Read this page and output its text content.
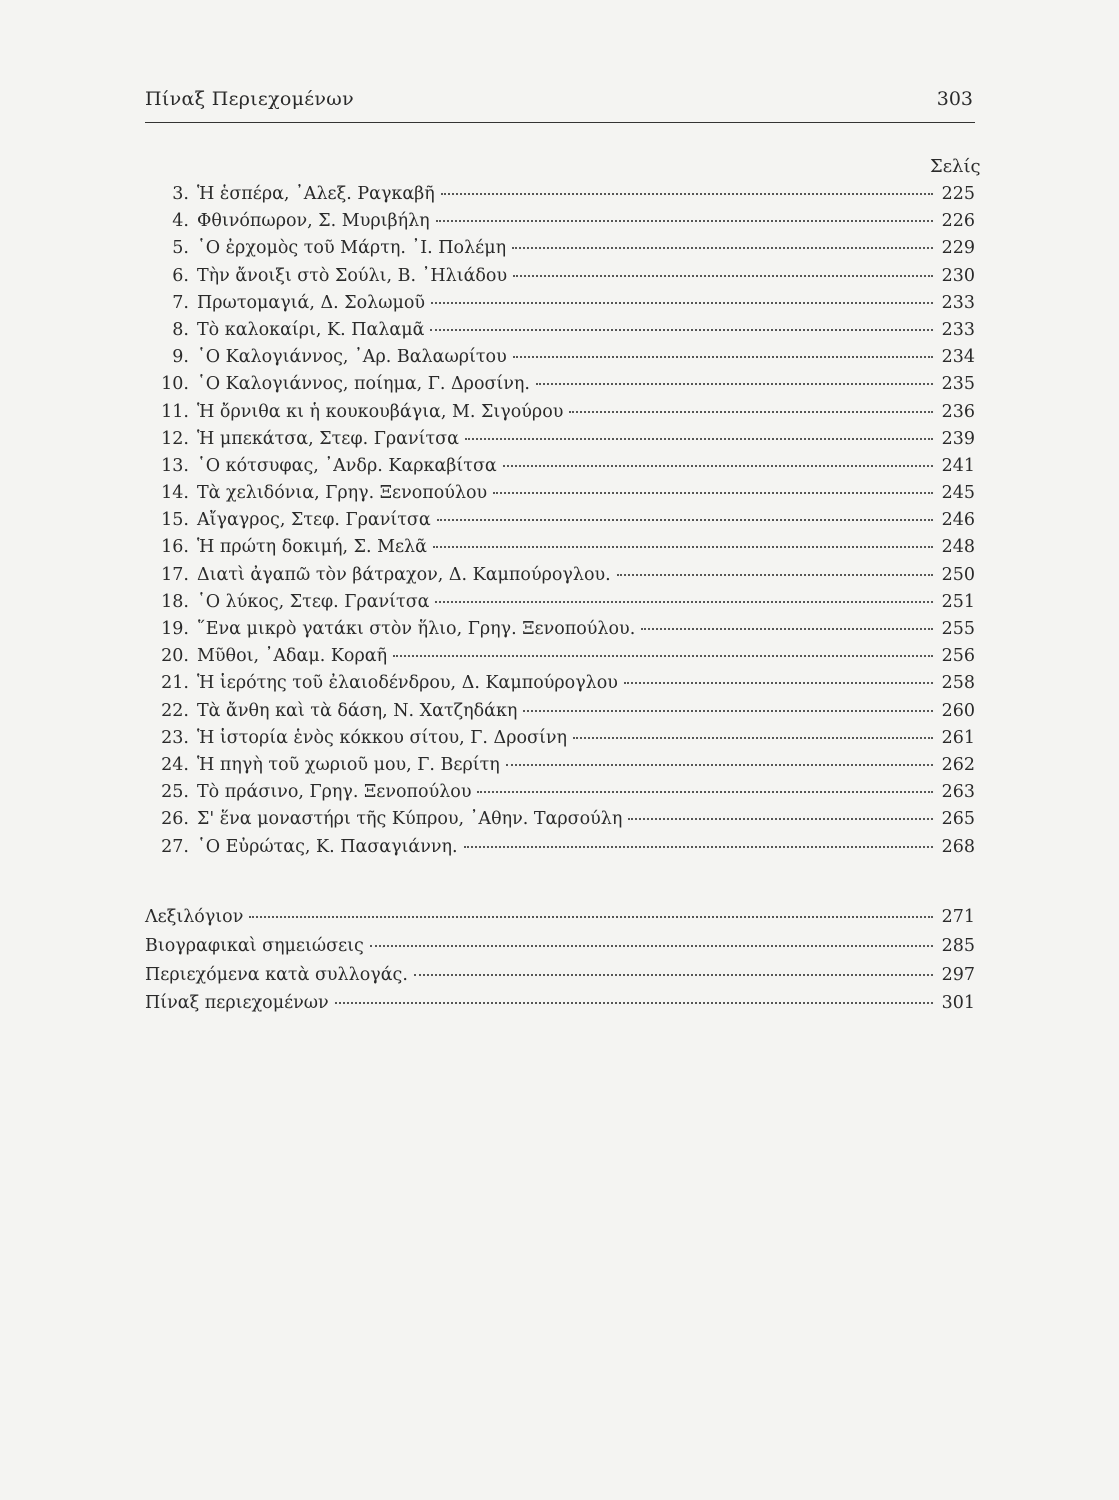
Πίναξ Περιεχομένων	303
Σελίς
3. Ἡ ἑσπέρα, ᾿Αλεξ. Ραγκαβῆ	225
4. Φθινόπωρον, Σ. Μυριβήλη	226
5. ῾Ο ἐρχομὸς τοῦ Μάρτη. ᾿Ι. Πολέμη	229
6. Τὴν ἄνοιξι στὸ Σούλι, Β. ᾿Ηλιάδου	230
7. Πρωτομαγιά, Δ. Σολωμοῦ	233
8. Τὸ καλοκαίρι, Κ. Παλαμᾶ	233
9. ῾Ο Καλογιάννος, ᾿Αρ. Βαλαωρίτου	234
10. ῾Ο Καλογιάννος, ποίημα, Γ. Δροσίνη.	235
11. Ἡ ὄρνιθα κι ἡ κουκουβάγια, Μ. Σιγούρου	236
12. Ἡ μπεκάτσα, Στεφ. Γρανίτσα	239
13. ῾Ο κότσυφας, ᾿Ανδρ. Καρκαβίτσα	241
14. Τὰ χελιδόνια, Γρηγ. Ξενοπούλου	245
15. Αἴγαγρος, Στεφ. Γρανίτσα	246
16. Ἡ πρώτη δοκιμή, Σ. Μελᾶ	248
17. Διατὶ ἀγαπῶ τὸν βάτραχον, Δ. Καμπούρογλου.	250
18. ῾Ο λύκος, Στεφ. Γρανίτσα	251
19. ῞Ενα μικρὸ γατάκι στὸν ἥλιο, Γρηγ. Ξενοπούλου.	255
20. Μῦθοι, ᾿Αδαμ. Κοραῆ	256
21. Ἡ ἱερότης τοῦ ἐλαιοδένδρου, Δ. Καμπούρογλου	258
22. Τὰ ἄνθη καὶ τὰ δάση, Ν. Χατζηδάκη	260
23. Ἡ ἱστορία ἑνὸς κόκκου σίτου, Γ. Δροσίνη	261
24. Ἡ πηγὴ τοῦ χωριοῦ μου, Γ. Βερίτη	262
25. Τὸ πράσινο, Γρηγ. Ξενοπούλου	263
26. Σ' ἕνα μοναστήρι τῆς Κύπρου, ᾿Αθην. Ταρσούλη	265
27. ῾Ο Εὐρώτας, Κ. Πασαγιάννη.	268
Λεξιλόγιον	271
Βιογραφικαὶ σημειώσεις	285
Περιεχόμενα κατὰ συλλογάς.	297
Πίναξ περιεχομένων	301
